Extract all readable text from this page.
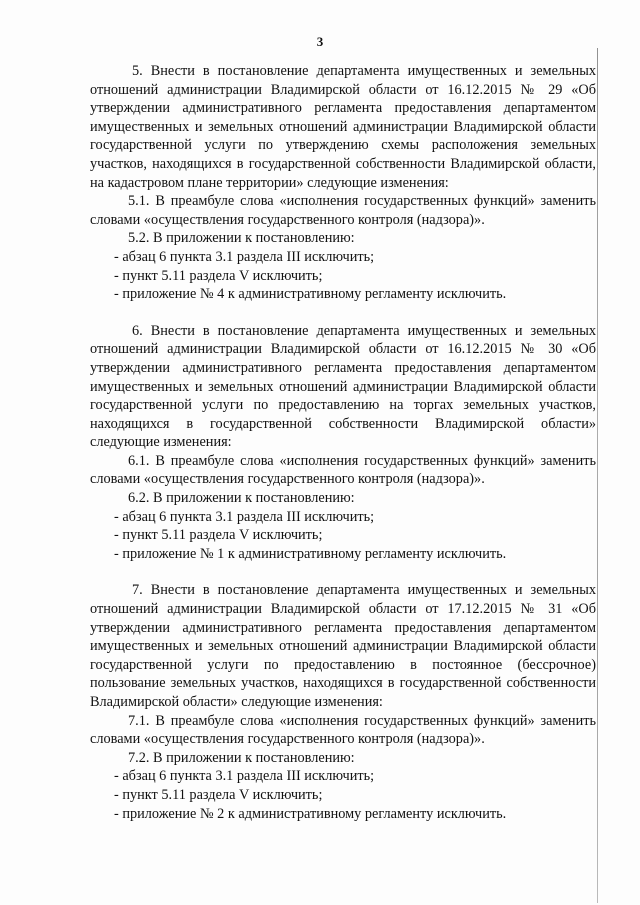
3

5. Внести в постановление департамента имущественных и земельных отношений администрации Владимирской области от 16.12.2015 № 29 «Об утверждении административного регламента предоставления департаментом имущественных и земельных отношений администрации Владимирской области государственной услуги по утверждению схемы расположения земельных участков, находящихся в государственной собственности Владимирской области, на кадастровом плане территории» следующие изменения:

5.1. В преамбуле слова «исполнения государственных функций» заменить словами «осуществления государственного контроля (надзора)».

5.2. В приложении к постановлению:

- абзац 6 пункта 3.1 раздела III исключить;

- пункт 5.11 раздела V исключить;

- приложение № 4 к административному регламенту исключить.

6. Внести в постановление департамента имущественных и земельных отношений администрации Владимирской области от 16.12.2015 № 30 «Об утверждении административного регламента предоставления департаментом имущественных и земельных отношений администрации Владимирской области государственной услуги по предоставлению на торгах земельных участков, находящихся в государственной собственности Владимирской области» следующие изменения:

6.1. В преамбуле слова «исполнения государственных функций» заменить словами «осуществления государственного контроля (надзора)».

6.2. В приложении к постановлению:

- абзац 6 пункта 3.1 раздела III исключить;

- пункт 5.11 раздела V исключить;

- приложение № 1 к административному регламенту исключить.

7. Внести в постановление департамента имущественных и земельных отношений администрации Владимирской области от 17.12.2015 № 31 «Об утверждении административного регламента предоставления департаментом имущественных и земельных отношений администрации Владимирской области государственной услуги по предоставлению в постоянное (бессрочное) пользование земельных участков, находящихся в государственной собственности Владимирской области» следующие изменения:

7.1. В преамбуле слова «исполнения государственных функций» заменить словами «осуществления государственного контроля (надзора)».

7.2. В приложении к постановлению:

- абзац 6 пункта 3.1 раздела III исключить;

- пункт 5.11 раздела V исключить;

- приложение № 2 к административному регламенту исключить.
